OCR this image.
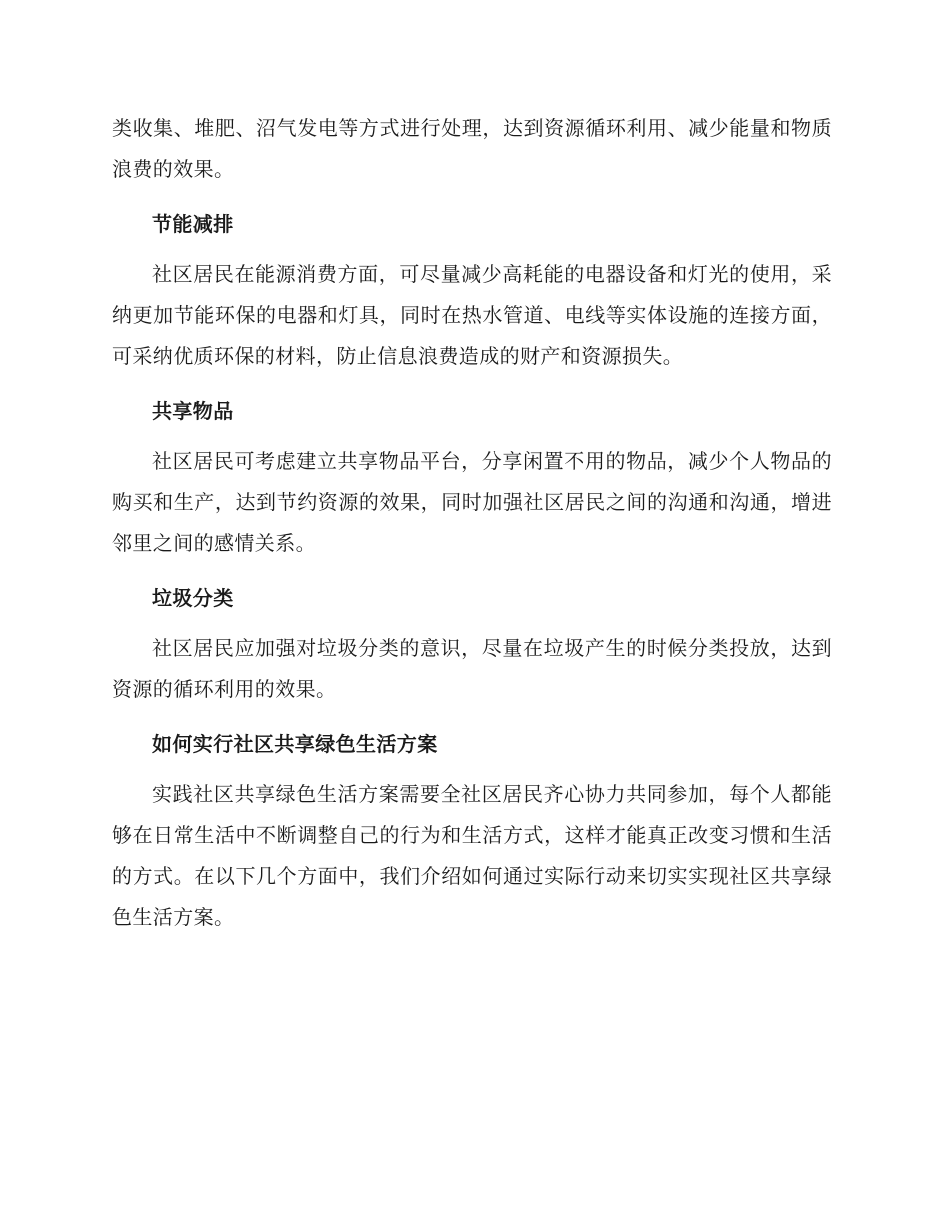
类收集、堆肥、沼气发电等方式进行处理，达到资源循环利用、减少能量和物质浪费的效果。

节能减排

社区居民在能源消费方面，可尽量减少高耗能的电器设备和灯光的使用，采纳更加节能环保的电器和灯具，同时在热水管道、电线等实体设施的连接方面，可采纳优质环保的材料，防止信息浪费造成的财产和资源损失。

共享物品

社区居民可考虑建立共享物品平台，分享闲置不用的物品，减少个人物品的购买和生产，达到节约资源的效果，同时加强社区居民之间的沟通和沟通，增进邻里之间的感情关系。

垃圾分类

社区居民应加强对垃圾分类的意识，尽量在垃圾产生的时候分类投放，达到资源的循环利用的效果。

如何实行社区共享绿色生活方案

实践社区共享绿色生活方案需要全社区居民齐心协力共同参加，每个人都能够在日常生活中不断调整自己的行为和生活方式，这样才能真正改变习惯和生活的方式。在以下几个方面中，我们介绍如何通过实际行动来切实实现社区共享绿色生活方案。
